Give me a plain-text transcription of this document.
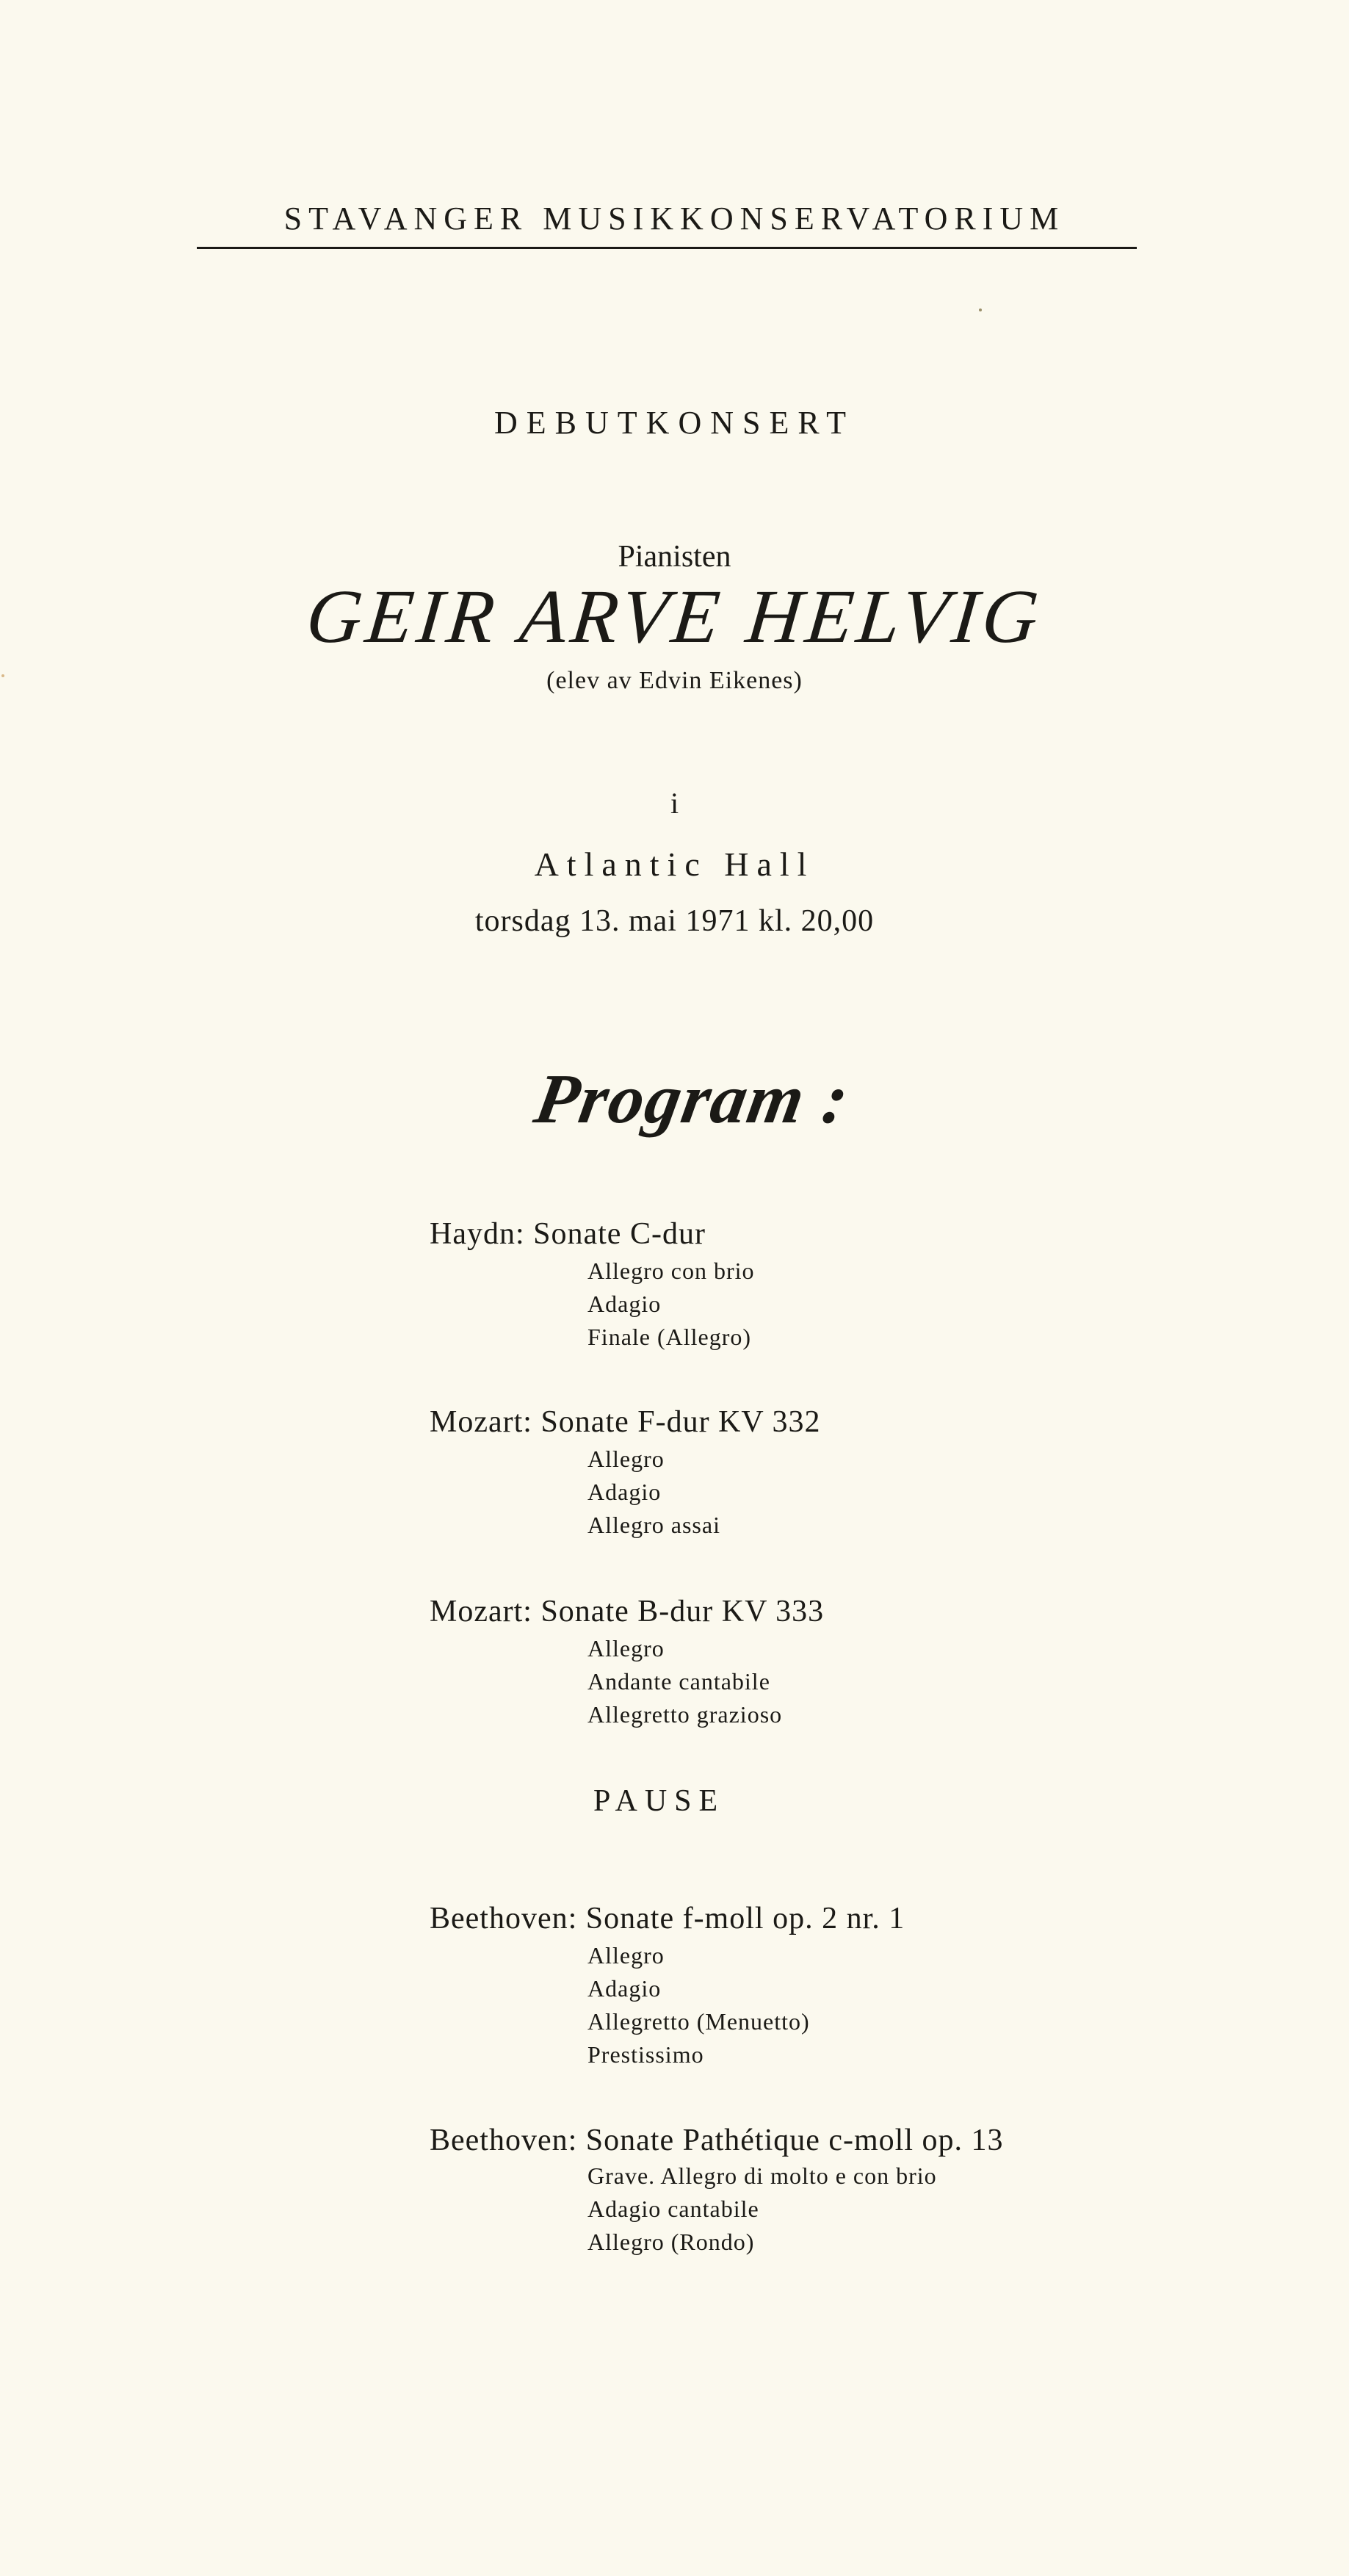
STAVANGER MUSIKKONSERVATORIUM
DEBUTKONSERT
Pianisten
GEIR ARVE HELVIG
(elev av Edvin Eikenes)
i
Atlantic Hall
torsdag 13. mai 1971 kl. 20,00
Program :
Haydn: Sonate C-dur
Allegro con brio
Adagio
Finale (Allegro)
Mozart: Sonate F-dur KV 332
Allegro
Adagio
Allegro assai
Mozart: Sonate B-dur KV 333
Allegro
Andante cantabile
Allegretto grazioso
PAUSE
Beethoven: Sonate f-moll op. 2 nr. 1
Allegro
Adagio
Allegretto (Menuetto)
Prestissimo
Beethoven: Sonate Pathétique c-moll op. 13
Grave. Allegro di molto e con brio
Adagio cantabile
Allegro (Rondo)
